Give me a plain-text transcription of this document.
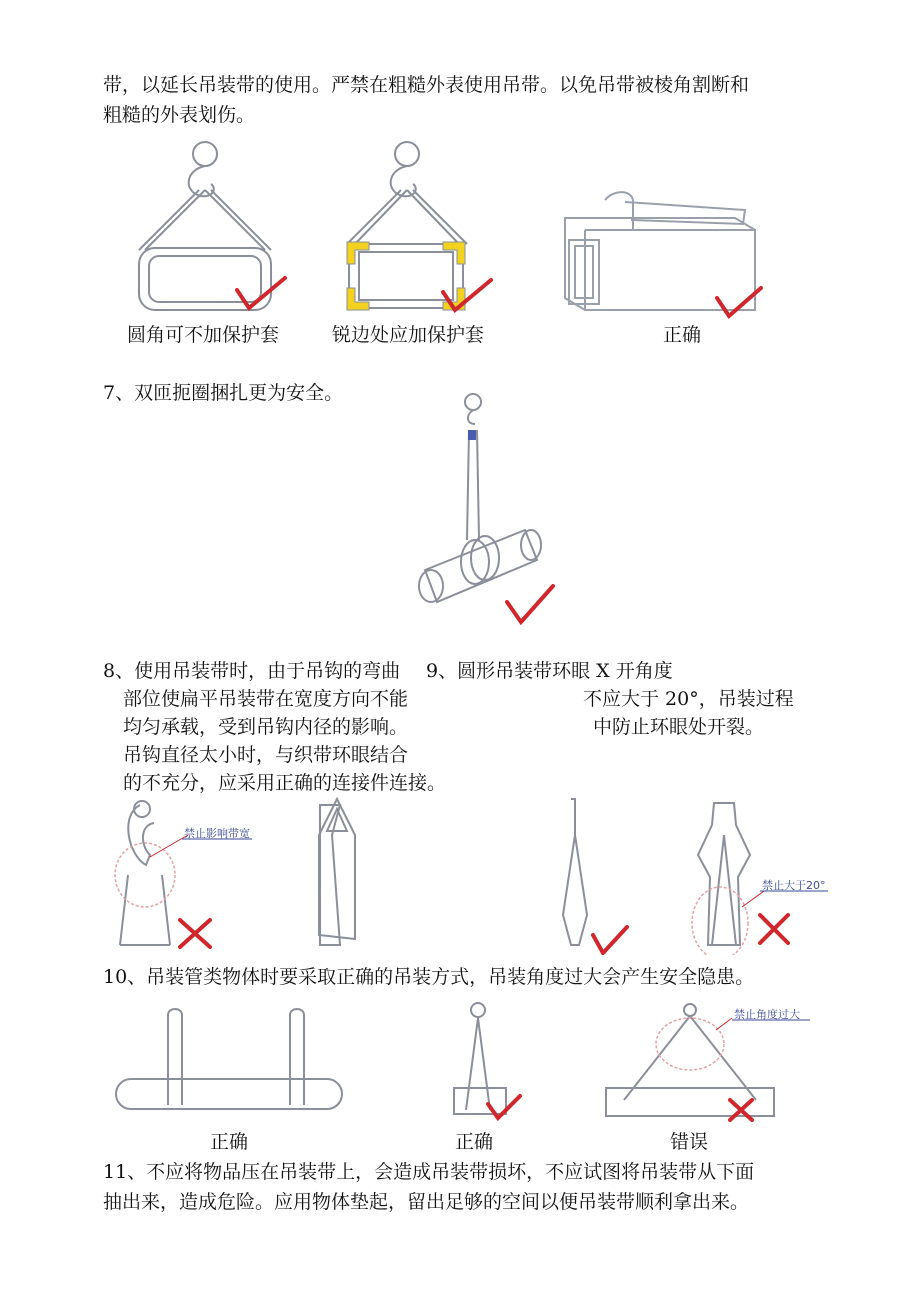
带，以延长吊装带的使用。严禁在粗糙外表使用吊带。以免吊带被棱角割断和
粗糙的外表划伤。
圆角可不加保护套	锐边处应加保护套	正确
7、双匝扼圈捆扎更为安全。
8、使用吊装带时，由于吊钩的弯曲 9、圆形吊装带环眼 X 开角度
部位使扁平吊装带在宽度方向不能	不应大于 20°，吊装过程
均匀承载，受到吊钩内径的影响。	中防止环眼处开裂。
吊钩直径太小时，与织带环眼结合
的不充分，应采用正确的连接件连接。
禁止影响带宽
禁止大于20°
10、吊装管类物体时要采取正确的吊装方式，吊装角度过大会产生安全隐患。
禁止角度过大
正确	正确	错误
11、不应将物品压在吊装带上，会造成吊装带损坏，不应试图将吊装带从下面
抽出来，造成危险。应用物体垫起，留出足够的空间以便吊装带顺利拿出来。
